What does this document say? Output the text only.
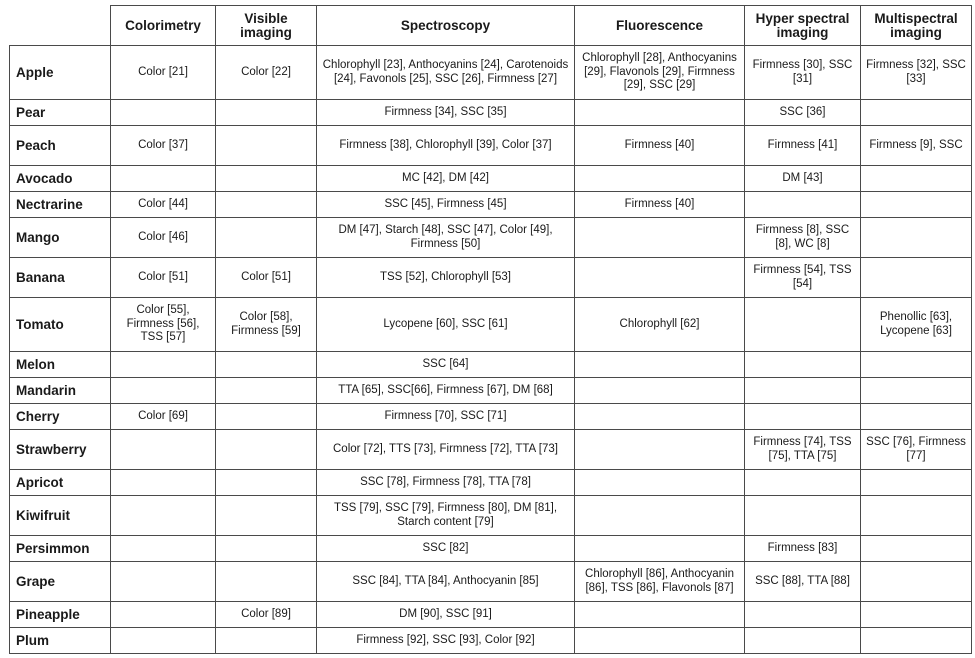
	Colorimetry	Visible imaging	Spectroscopy	Fluorescence	Hyper spectral imaging	Multispectral imaging
Apple	Color [21]	Color [22]	Chlorophyll [23], Anthocyanins [24], Carotenoids [24], Favonols [25], SSC [26], Firmness [27]	Chlorophyll [28], Anthocyanins [29], Flavonols [29], Firmness [29], SSC [29]	Firmness [30], SSC [31]	Firmness [32], SSC [33]
Pear			Firmness [34], SSC [35]		SSC [36]	
Peach	Color [37]		Firmness [38], Chlorophyll [39], Color [37]	Firmness [40]	Firmness [41]	Firmness [9], SSC
Avocado			MC [42], DM [42]		DM [43]	
Nectrarine	Color [44]		SSC [45], Firmness [45]	Firmness [40]		
Mango	Color [46]		DM [47], Starch [48], SSC [47], Color [49], Firmness [50]		Firmness [8], SSC [8], WC [8]	
Banana	Color [51]	Color [51]	TSS [52], Chlorophyll [53]		Firmness [54], TSS [54]	
Tomato	Color [55], Firmness [56], TSS [57]	Color [58], Firmness [59]	Lycopene [60], SSC [61]	Chlorophyll [62]		Phenollic [63], Lycopene [63]
Melon			SSC [64]			
Mandarin			TTA [65], SSC[66], Firmness [67], DM [68]			
Cherry	Color [69]		Firmness [70], SSC [71]			
Strawberry			Color [72], TTS [73], Firmness [72], TTA [73]		Firmness [74], TSS [75], TTA [75]	SSC [76], Firmness [77]
Apricot			SSC [78], Firmness [78], TTA [78]			
Kiwifruit			TSS [79], SSC [79], Firmness [80], DM [81], Starch content [79]			
Persimmon			SSC [82]		Firmness [83]	
Grape			SSC [84], TTA [84], Anthocyanin [85]	Chlorophyll [86], Anthocyanin [86], TSS [86], Flavonols [87]	SSC [88], TTA [88]	
Pineapple		Color [89]	DM [90], SSC [91]			
Plum			Firmness [92], SSC [93], Color [92]			
